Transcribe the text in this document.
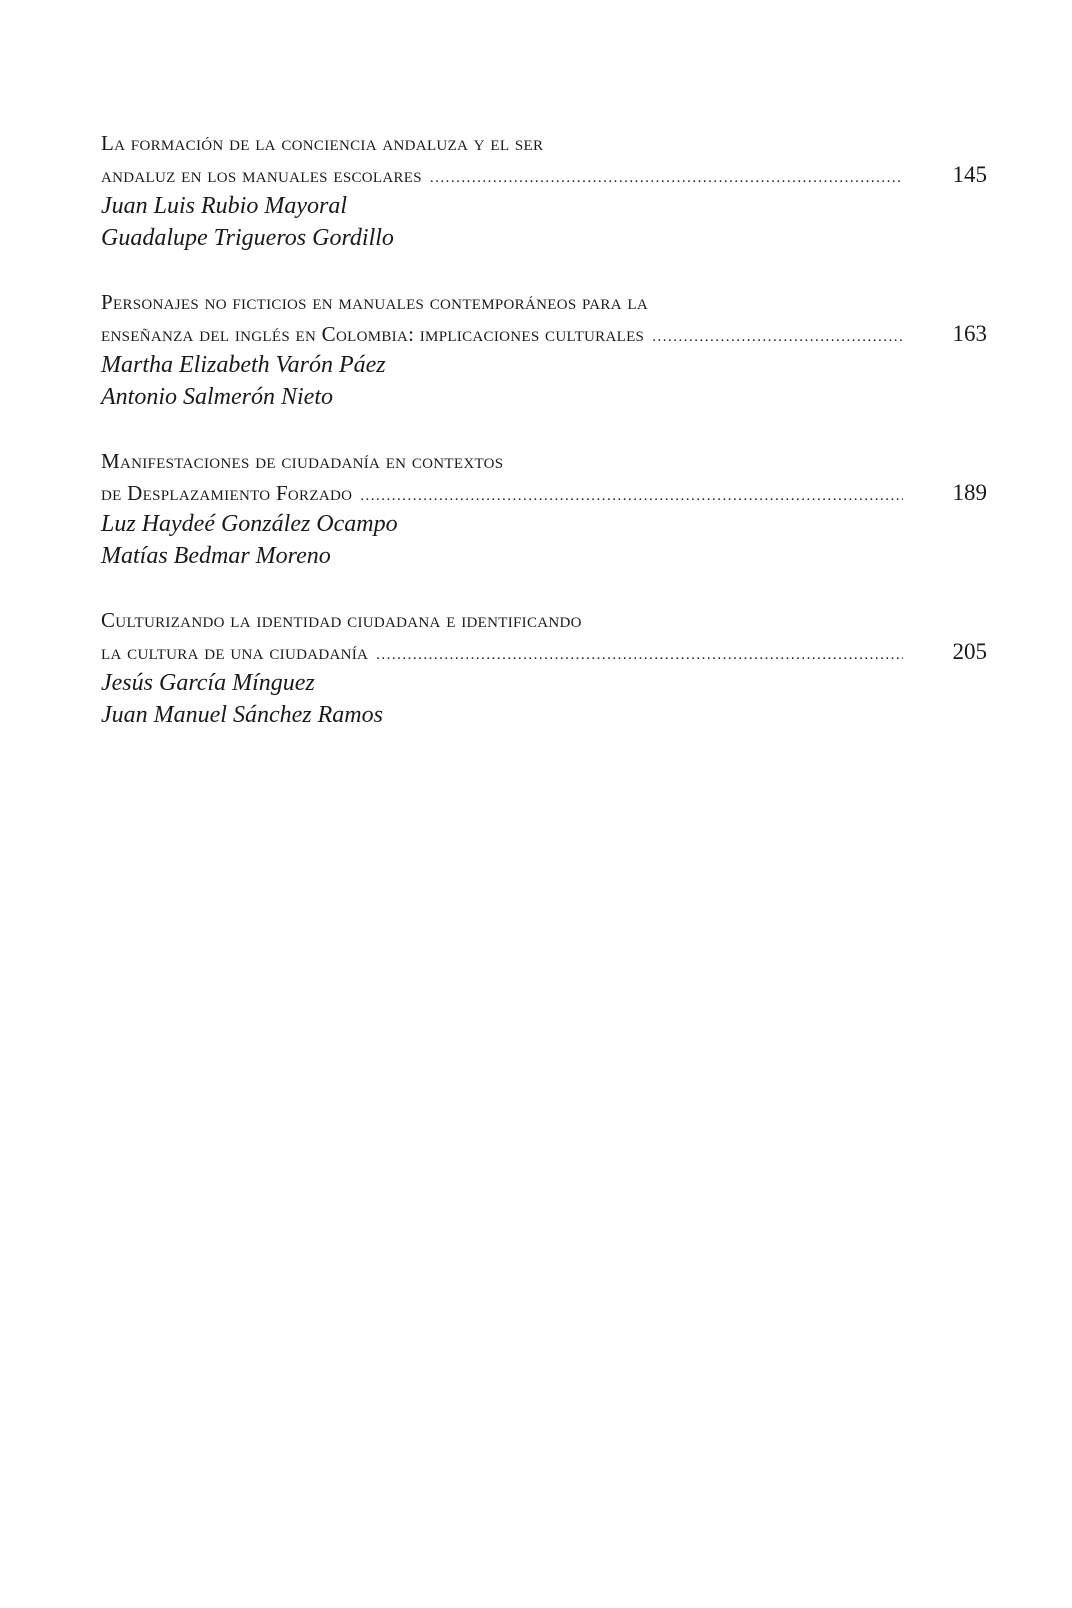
La formación de la conciencia andaluza y el ser
andaluz en los manuales escolares .....	145
Juan Luis Rubio Mayoral
Guadalupe Trigueros Gordillo
Personajes no ficticios en manuales contemporáneos para la
enseñanza del inglés en Colombia: implicaciones culturales .....	163
Martha Elizabeth Varón Páez
Antonio Salmerón Nieto
Manifestaciones de ciudadanía en contextos
de Desplazamiento Forzado .....	189
Luz Haydeé González Ocampo
Matías Bedmar Moreno
Culturizando la identidad ciudadana e identificando
la cultura de una ciudadanía .....	205
Jesús García Mínguez
Juan Manuel Sánchez Ramos
